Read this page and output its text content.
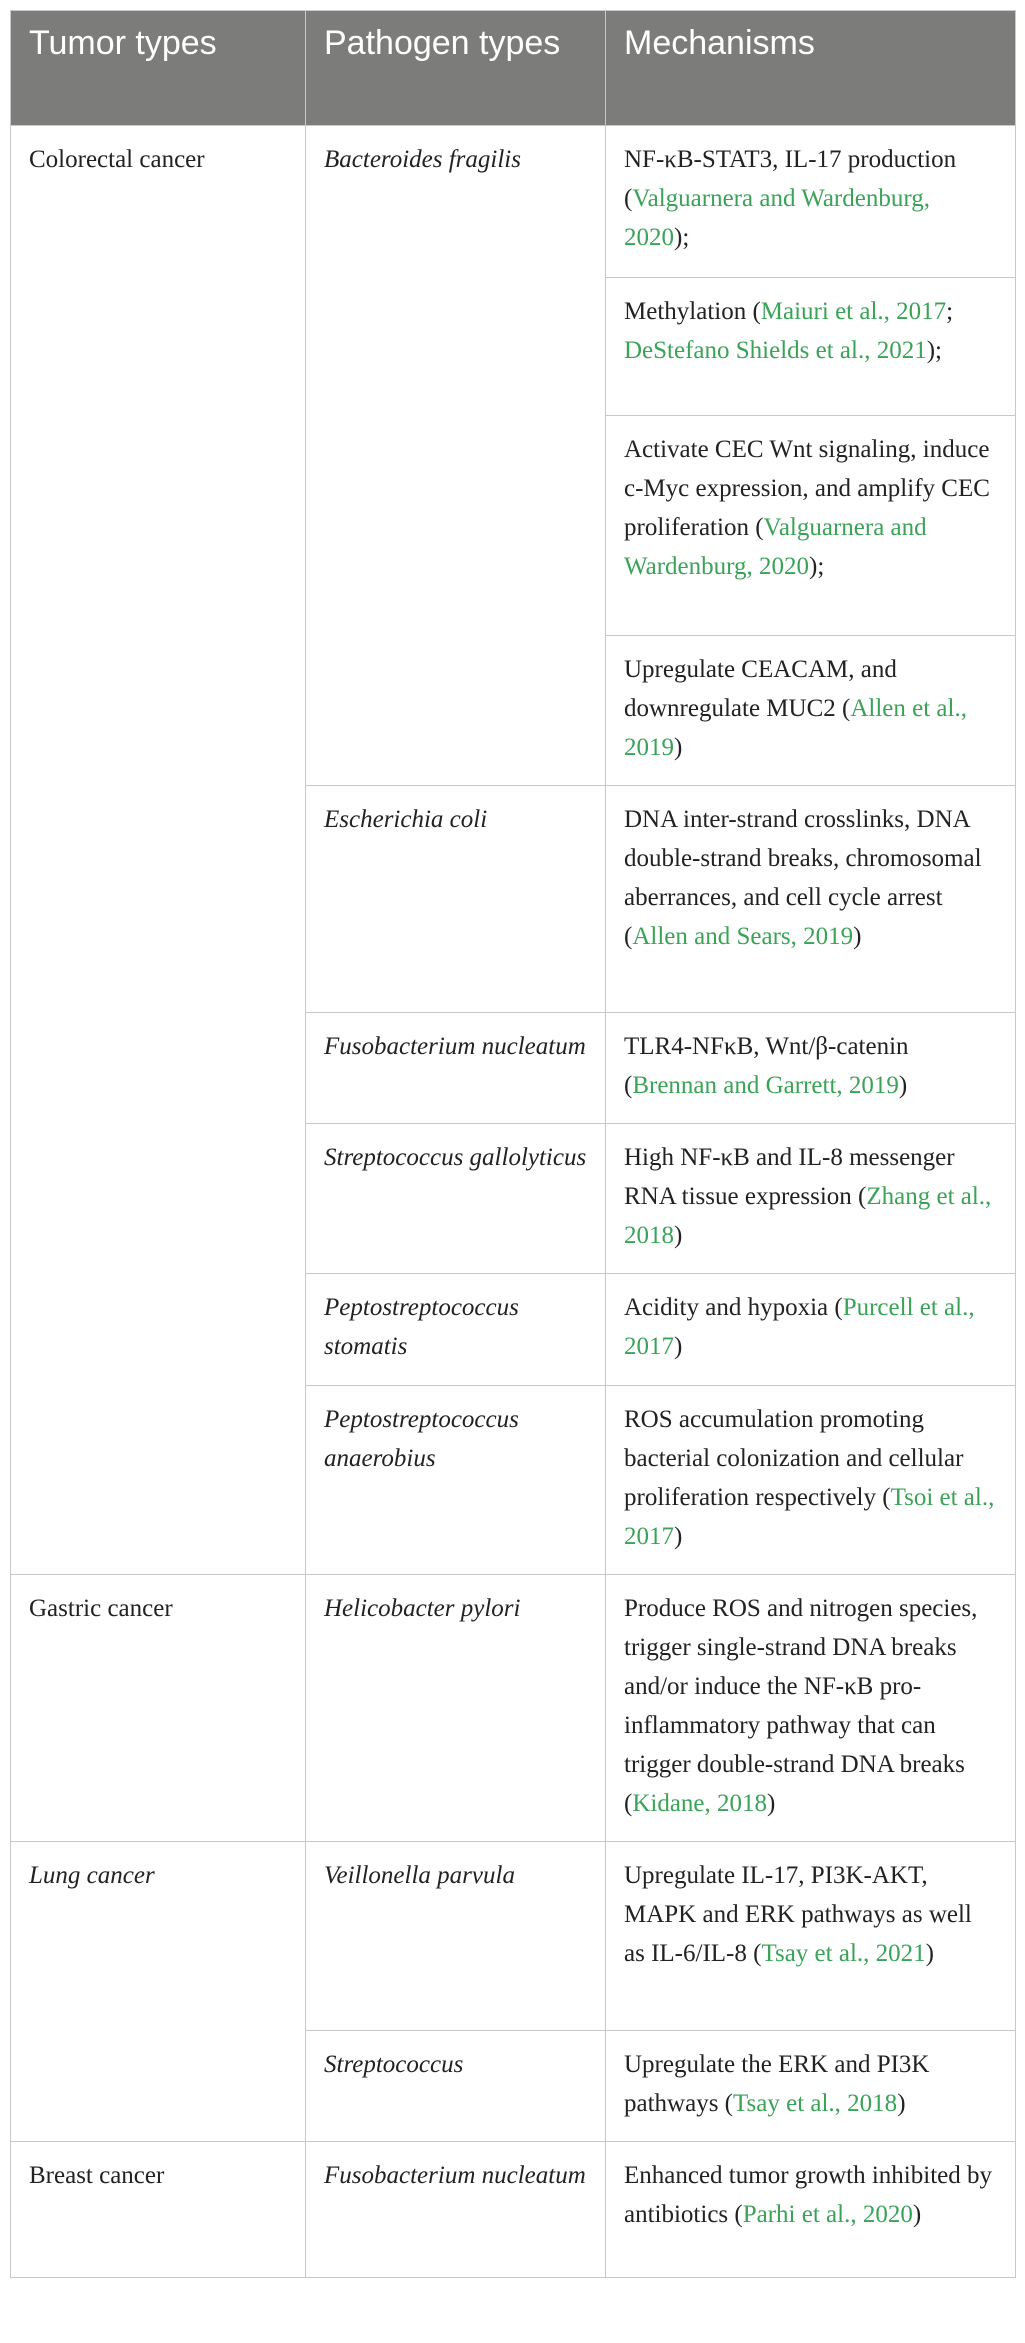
Tumor types	Pathogen types	Mechanisms
Colorectal cancer	Bacteroides fragilis	NF-κB-STAT3, IL-17 production (Valguarnera and Wardenburg, 2020);
		Methylation (Maiuri et al., 2017; DeStefano Shields et al., 2021);
		Activate CEC Wnt signaling, induce c-Myc expression, and amplify CEC proliferation (Valguarnera and Wardenburg, 2020);
		Upregulate CEACAM, and downregulate MUC2 (Allen et al., 2019)
	Escherichia coli	DNA inter-strand crosslinks, DNA double-strand breaks, chromosomal aberrances, and cell cycle arrest (Allen and Sears, 2019)
	Fusobacterium nucleatum	TLR4-NFκB, Wnt/β-catenin (Brennan and Garrett, 2019)
	Streptococcus gallolyticus	High NF-κB and IL-8 messenger RNA tissue expression (Zhang et al., 2018)
	Peptostreptococcus stomatis	Acidity and hypoxia (Purcell et al., 2017)
	Peptostreptococcus anaerobius	ROS accumulation promoting bacterial colonization and cellular proliferation respectively (Tsoi et al., 2017)
Gastric cancer	Helicobacter pylori	Produce ROS and nitrogen species, trigger single-strand DNA breaks and/or induce the NF-κB pro-inflammatory pathway that can trigger double-strand DNA breaks (Kidane, 2018)
Lung cancer	Veillonella parvula	Upregulate IL-17, PI3K-AKT, MAPK and ERK pathways as well as IL-6/IL-8 (Tsay et al., 2021)
	Streptococcus	Upregulate the ERK and PI3K pathways (Tsay et al., 2018)
Breast cancer	Fusobacterium nucleatum	Enhanced tumor growth inhibited by antibiotics (Parhi et al., 2020)
